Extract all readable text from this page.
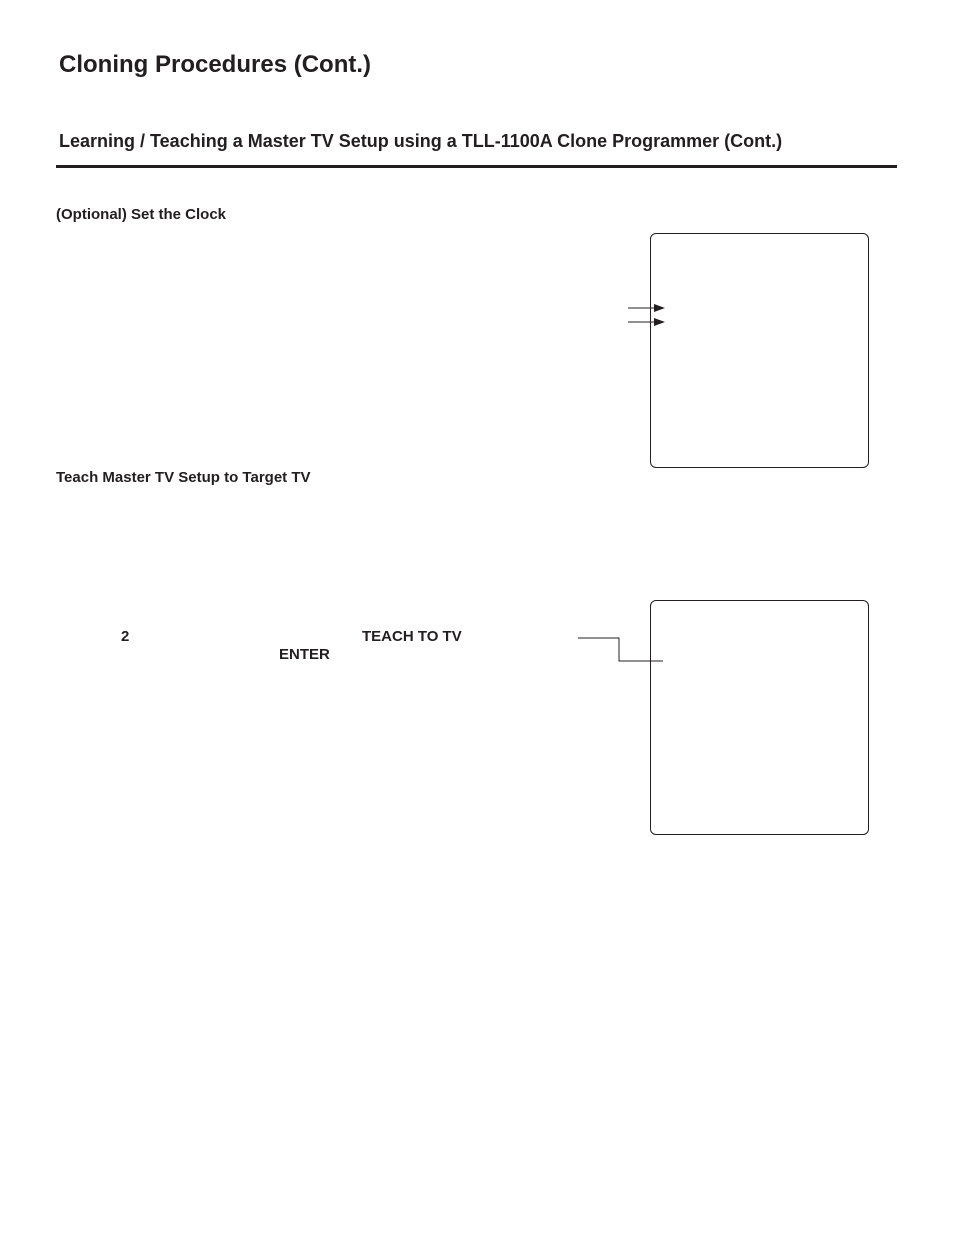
Cloning Procedures (Cont.)
Learning / Teaching a Master TV Setup using a TLL-1100A Clone Programmer (Cont.)
(Optional) Set the Clock
Teach Master TV Setup to Target TV
2	TEACH TO TV
ENTER
